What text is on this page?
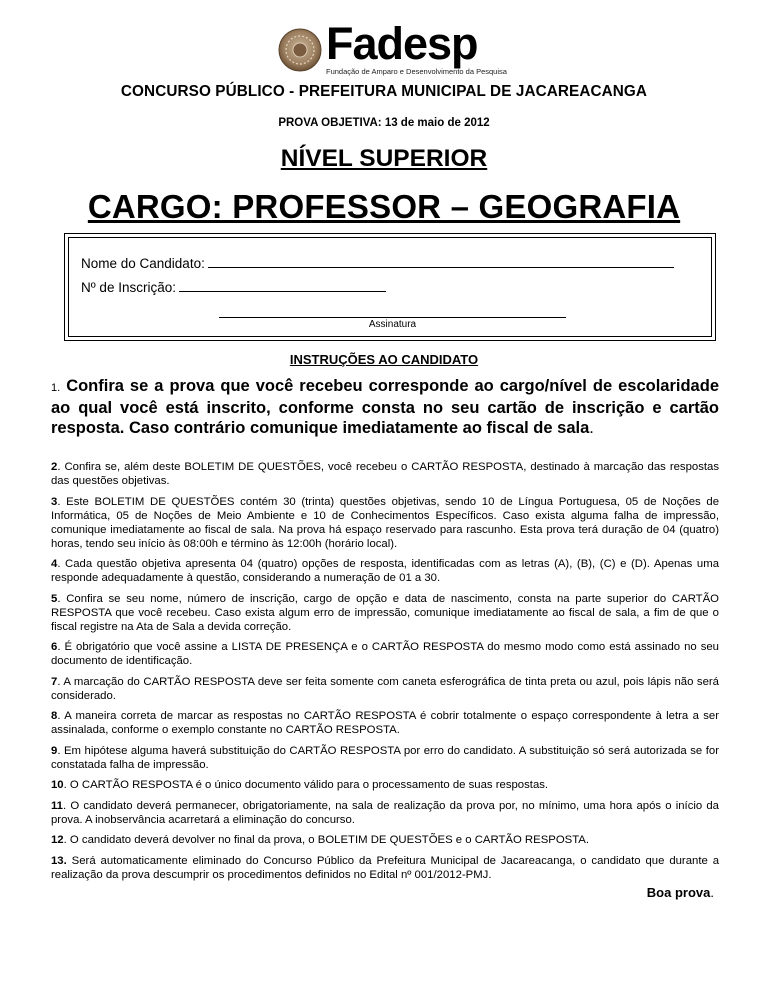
Fadesp
Fundação de Amparo e Desenvolvimento da Pesquisa
CONCURSO PÚBLICO - PREFEITURA MUNICIPAL DE JACAREACANGA
PROVA OBJETIVA: 13 de maio de 2012
NÍVEL SUPERIOR
CARGO: PROFESSOR – GEOGRAFIA
Nome do Candidato:
Nº de Inscrição:
Assinatura
INSTRUÇÕES AO CANDIDATO
1. Confira se a prova que você recebeu corresponde ao cargo/nível de escolaridade ao qual você está inscrito, conforme consta no seu cartão de inscrição e cartão resposta. Caso contrário comunique imediatamente ao fiscal de sala.

2. Confira se, além deste BOLETIM DE QUESTÕES, você recebeu o CARTÃO RESPOSTA, destinado à marcação das respostas das questões objetivas.

3. Este BOLETIM DE QUESTÕES contém 30 (trinta) questões objetivas, sendo 10 de Língua Portuguesa, 05 de Noções de Informática, 05 de Noções de Meio Ambiente e 10 de Conhecimentos Específicos. Caso exista alguma falha de impressão, comunique imediatamente ao fiscal de sala. Na prova há espaço reservado para rascunho. Esta prova terá duração de 04 (quatro) horas, tendo seu início às 08:00h e término às 12:00h (horário local).

4. Cada questão objetiva apresenta 04 (quatro) opções de resposta, identificadas com as letras (A), (B), (C) e (D). Apenas uma responde adequadamente à questão, considerando a numeração de 01 a 30.

5. Confira se seu nome, número de inscrição, cargo de opção e data de nascimento, consta na parte superior do CARTÃO RESPOSTA que você recebeu. Caso exista algum erro de impressão, comunique imediatamente ao fiscal de sala, a fim de que o fiscal registre na Ata de Sala a devida correção.

6. É obrigatório que você assine a LISTA DE PRESENÇA e o CARTÃO RESPOSTA do mesmo modo como está assinado no seu documento de identificação.

7. A marcação do CARTÃO RESPOSTA deve ser feita somente com caneta esferográfica de tinta preta ou azul, pois lápis não será considerado.

8. A maneira correta de marcar as respostas no CARTÃO RESPOSTA é cobrir totalmente o espaço correspondente à letra a ser assinalada, conforme o exemplo constante no CARTÃO RESPOSTA.

9. Em hipótese alguma haverá substituição do CARTÃO RESPOSTA por erro do candidato. A substituição só será autorizada se for constatada falha de impressão.

10. O CARTÃO RESPOSTA é o único documento válido para o processamento de suas respostas.

11. O candidato deverá permanecer, obrigatoriamente, na sala de realização da prova por, no mínimo, uma hora após o início da prova. A inobservância acarretará a eliminação do concurso.

12. O candidato deverá devolver no final da prova, o BOLETIM DE QUESTÕES e o CARTÃO RESPOSTA.

13. Será automaticamente eliminado do Concurso Público da Prefeitura Municipal de Jacareacanga, o candidato que durante a realização da prova descumprir os procedimentos definidos no Edital nº 001/2012-PMJ.

Boa prova.
